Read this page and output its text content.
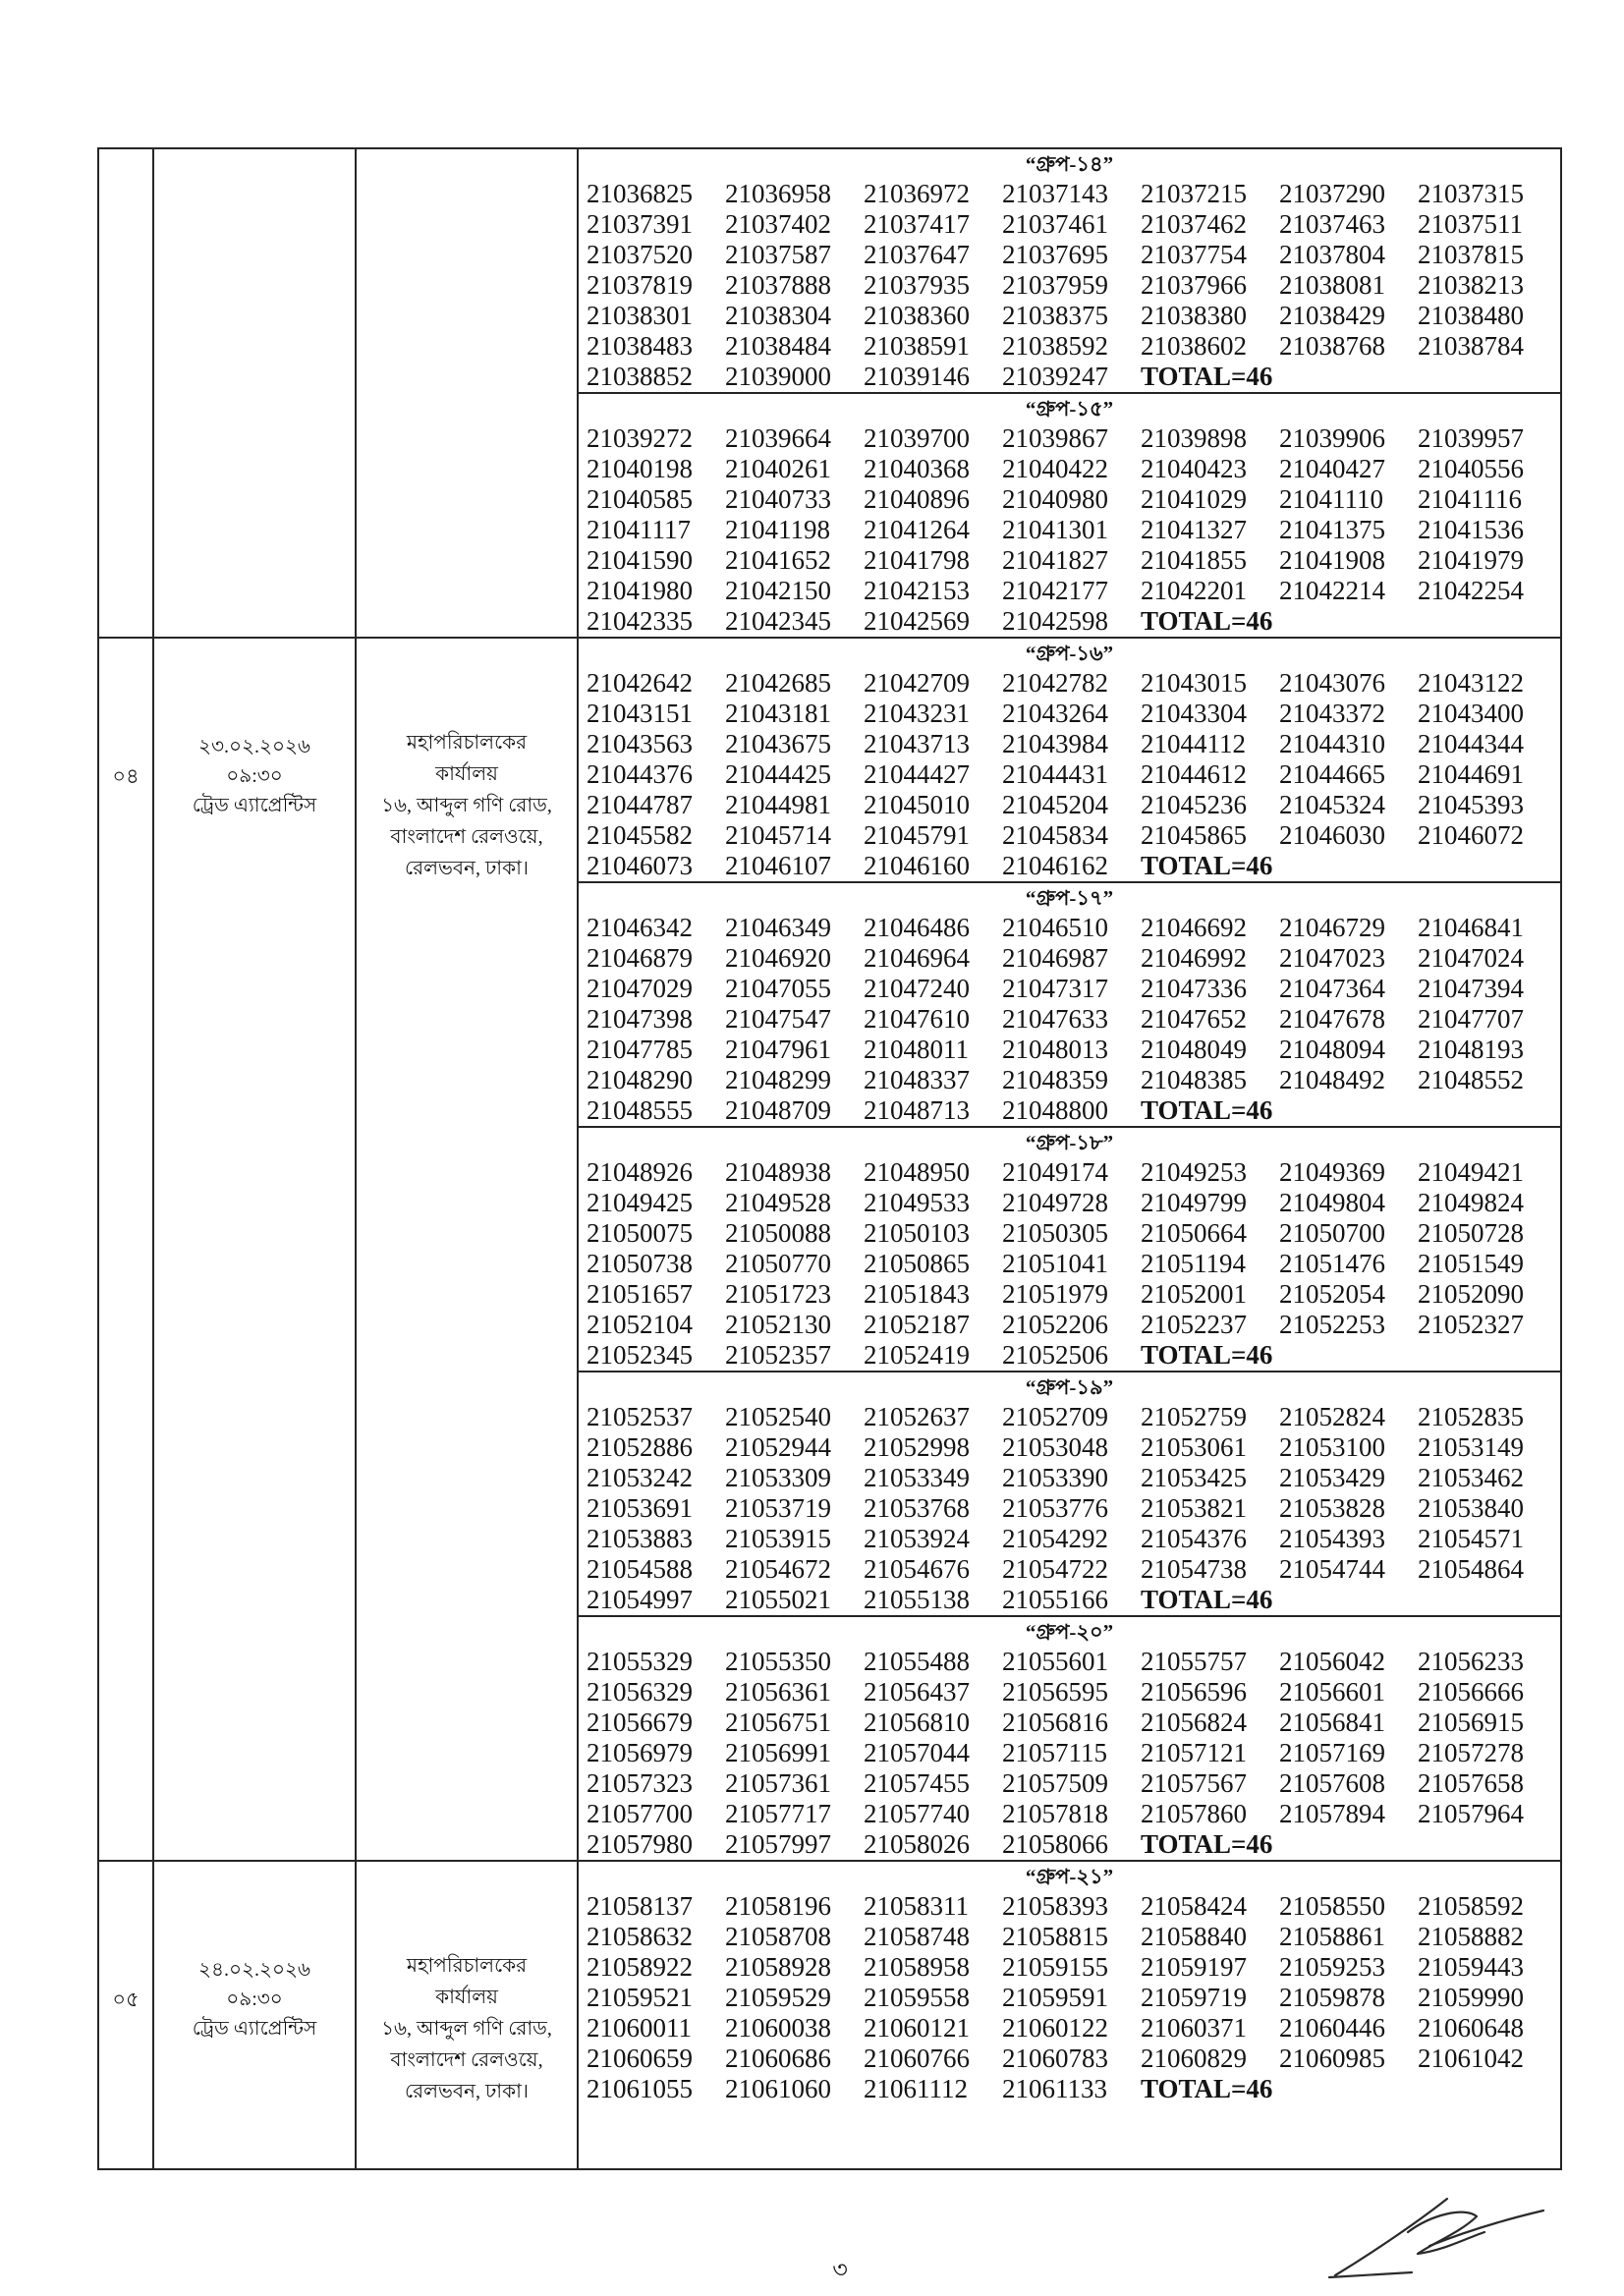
“গ্রুপ-১৪”
21036825	21036958	21036972	21037143	21037215	21037290	21037315
21037391	21037402	21037417	21037461	21037462	21037463	21037511
21037520	21037587	21037647	21037695	21037754	21037804	21037815
21037819	21037888	21037935	21037959	21037966	21038081	21038213
21038301	21038304	21038360	21038375	21038380	21038429	21038480
21038483	21038484	21038591	21038592	21038602	21038768	21038784
21038852	21039000	21039146	21039247	TOTAL=46
“গ্রুপ-১৫”
21039272	21039664	21039700	21039867	21039898	21039906	21039957
21040198	21040261	21040368	21040422	21040423	21040427	21040556
21040585	21040733	21040896	21040980	21041029	21041110	21041116
21041117	21041198	21041264	21041301	21041327	21041375	21041536
21041590	21041652	21041798	21041827	21041855	21041908	21041979
21041980	21042150	21042153	21042177	21042201	21042214	21042254
21042335	21042345	21042569	21042598	TOTAL=46
০৪
২৩.০২.২০২৬
০৯:৩০
ট্রেড এ্যাপ্রেন্টিস
মহাপরিচালকের
কার্যালয়
১৬, আব্দুল গণি রোড,
বাংলাদেশ রেলওয়ে,
রেলভবন, ঢাকা।
“গ্রুপ-১৬”
21042642	21042685	21042709	21042782	21043015	21043076	21043122
21043151	21043181	21043231	21043264	21043304	21043372	21043400
21043563	21043675	21043713	21043984	21044112	21044310	21044344
21044376	21044425	21044427	21044431	21044612	21044665	21044691
21044787	21044981	21045010	21045204	21045236	21045324	21045393
21045582	21045714	21045791	21045834	21045865	21046030	21046072
21046073	21046107	21046160	21046162	TOTAL=46
“গ্রুপ-১৭”
21046342	21046349	21046486	21046510	21046692	21046729	21046841
21046879	21046920	21046964	21046987	21046992	21047023	21047024
21047029	21047055	21047240	21047317	21047336	21047364	21047394
21047398	21047547	21047610	21047633	21047652	21047678	21047707
21047785	21047961	21048011	21048013	21048049	21048094	21048193
21048290	21048299	21048337	21048359	21048385	21048492	21048552
21048555	21048709	21048713	21048800	TOTAL=46
“গ্রুপ-১৮”
21048926	21048938	21048950	21049174	21049253	21049369	21049421
21049425	21049528	21049533	21049728	21049799	21049804	21049824
21050075	21050088	21050103	21050305	21050664	21050700	21050728
21050738	21050770	21050865	21051041	21051194	21051476	21051549
21051657	21051723	21051843	21051979	21052001	21052054	21052090
21052104	21052130	21052187	21052206	21052237	21052253	21052327
21052345	21052357	21052419	21052506	TOTAL=46
“গ্রুপ-১৯”
21052537	21052540	21052637	21052709	21052759	21052824	21052835
21052886	21052944	21052998	21053048	21053061	21053100	21053149
21053242	21053309	21053349	21053390	21053425	21053429	21053462
21053691	21053719	21053768	21053776	21053821	21053828	21053840
21053883	21053915	21053924	21054292	21054376	21054393	21054571
21054588	21054672	21054676	21054722	21054738	21054744	21054864
21054997	21055021	21055138	21055166	TOTAL=46
“গ্রুপ-২০”
21055329	21055350	21055488	21055601	21055757	21056042	21056233
21056329	21056361	21056437	21056595	21056596	21056601	21056666
21056679	21056751	21056810	21056816	21056824	21056841	21056915
21056979	21056991	21057044	21057115	21057121	21057169	21057278
21057323	21057361	21057455	21057509	21057567	21057608	21057658
21057700	21057717	21057740	21057818	21057860	21057894	21057964
21057980	21057997	21058026	21058066	TOTAL=46
০৫
২৪.০২.২০২৬
০৯:৩০
ট্রেড এ্যাপ্রেন্টিস
মহাপরিচালকের
কার্যালয়
১৬, আব্দুল গণি রোড,
বাংলাদেশ রেলওয়ে,
রেলভবন, ঢাকা।
“গ্রুপ-২১”
21058137	21058196	21058311	21058393	21058424	21058550	21058592
21058632	21058708	21058748	21058815	21058840	21058861	21058882
21058922	21058928	21058958	21059155	21059197	21059253	21059443
21059521	21059529	21059558	21059591	21059719	21059878	21059990
21060011	21060038	21060121	21060122	21060371	21060446	21060648
21060659	21060686	21060766	21060783	21060829	21060985	21061042
21061055	21061060	21061112	21061133	TOTAL=46
৩
